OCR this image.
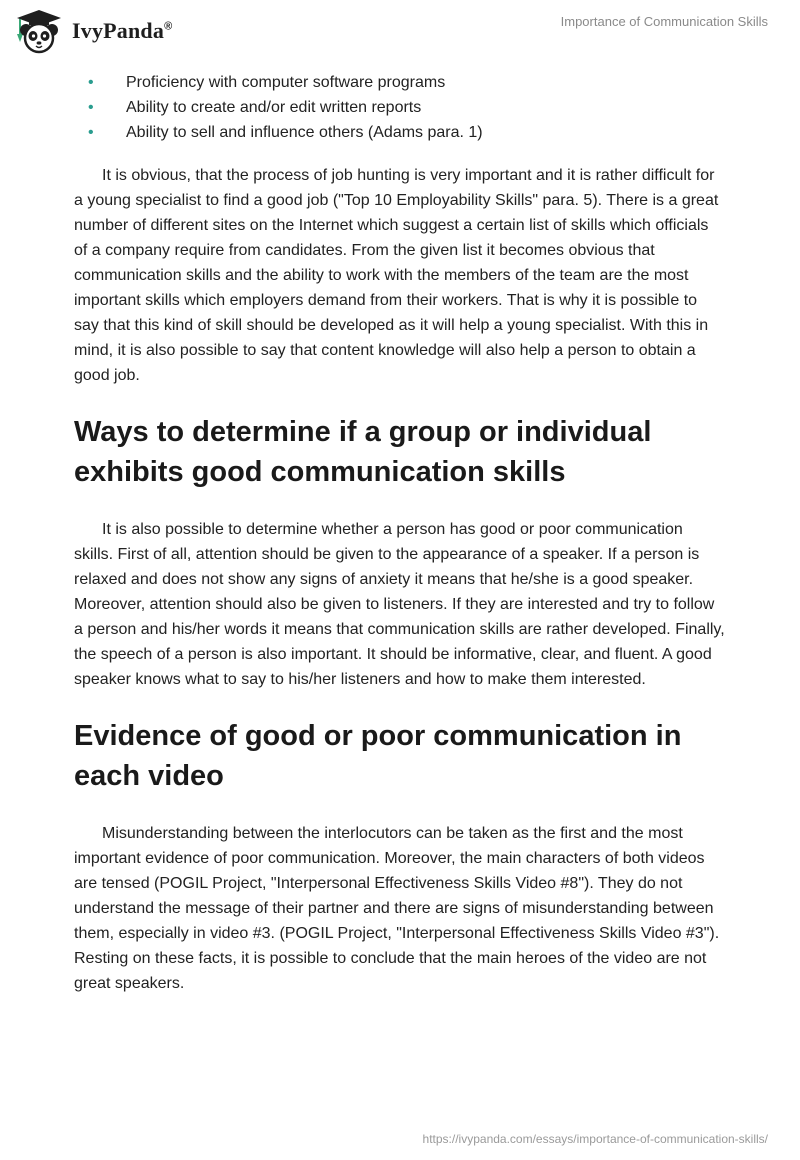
IvyPanda®	Importance of Communication Skills
• Proficiency with computer software programs
• Ability to create and/or edit written reports
• Ability to sell and influence others (Adams para. 1)

It is obvious, that the process of job hunting is very important and it is rather difficult for a young specialist to find a good job ("Top 10 Employability Skills" para. 5). There is a great number of different sites on the Internet which suggest a certain list of skills which officials of a company require from candidates. From the given list it becomes obvious that communication skills and the ability to work with the members of the team are the most important skills which employers demand from their workers. That is why it is possible to say that this kind of skill should be developed as it will help a young specialist. With this in mind, it is also possible to say that content knowledge will also help a person to obtain a good job.

Ways to determine if a group or individual exhibits good communication skills

It is also possible to determine whether a person has good or poor communication skills. First of all, attention should be given to the appearance of a speaker. If a person is relaxed and does not show any signs of anxiety it means that he/she is a good speaker. Moreover, attention should also be given to listeners. If they are interested and try to follow a person and his/her words it means that communication skills are rather developed. Finally, the speech of a person is also important. It should be informative, clear, and fluent. A good speaker knows what to say to his/her listeners and how to make them interested.

Evidence of good or poor communication in each video

Misunderstanding between the interlocutors can be taken as the first and the most important evidence of poor communication. Moreover, the main characters of both videos are tensed (POGIL Project, "Interpersonal Effectiveness Skills Video #8"). They do not understand the message of their partner and there are signs of misunderstanding between them, especially in video #3. (POGIL Project, "Interpersonal Effectiveness Skills Video #3"). Resting on these facts, it is possible to conclude that the main heroes of the video are not great speakers.

https://ivypanda.com/essays/importance-of-communication-skills/
